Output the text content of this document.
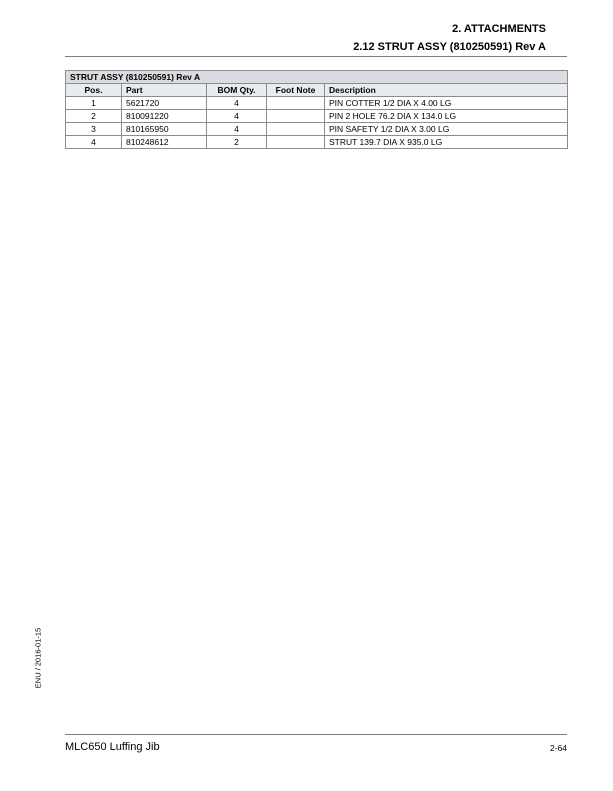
2. ATTACHMENTS
2.12 STRUT ASSY (810250591) Rev A
STRUT ASSY (810250591) Rev A				
Pos.	Part	BOM Qty.	Foot Note	Description
1	5621720	4		PIN COTTER 1/2 DIA X 4.00 LG
2	810091220	4		PIN 2 HOLE 76.2 DIA X 134.0 LG
3	810165950	4		PIN SAFETY 1/2 DIA X 3.00 LG
4	810248612	2		STRUT 139.7 DIA X 935.0 LG
ENU / 2016-01-15
MLC650 Luffing Jib	2-64
